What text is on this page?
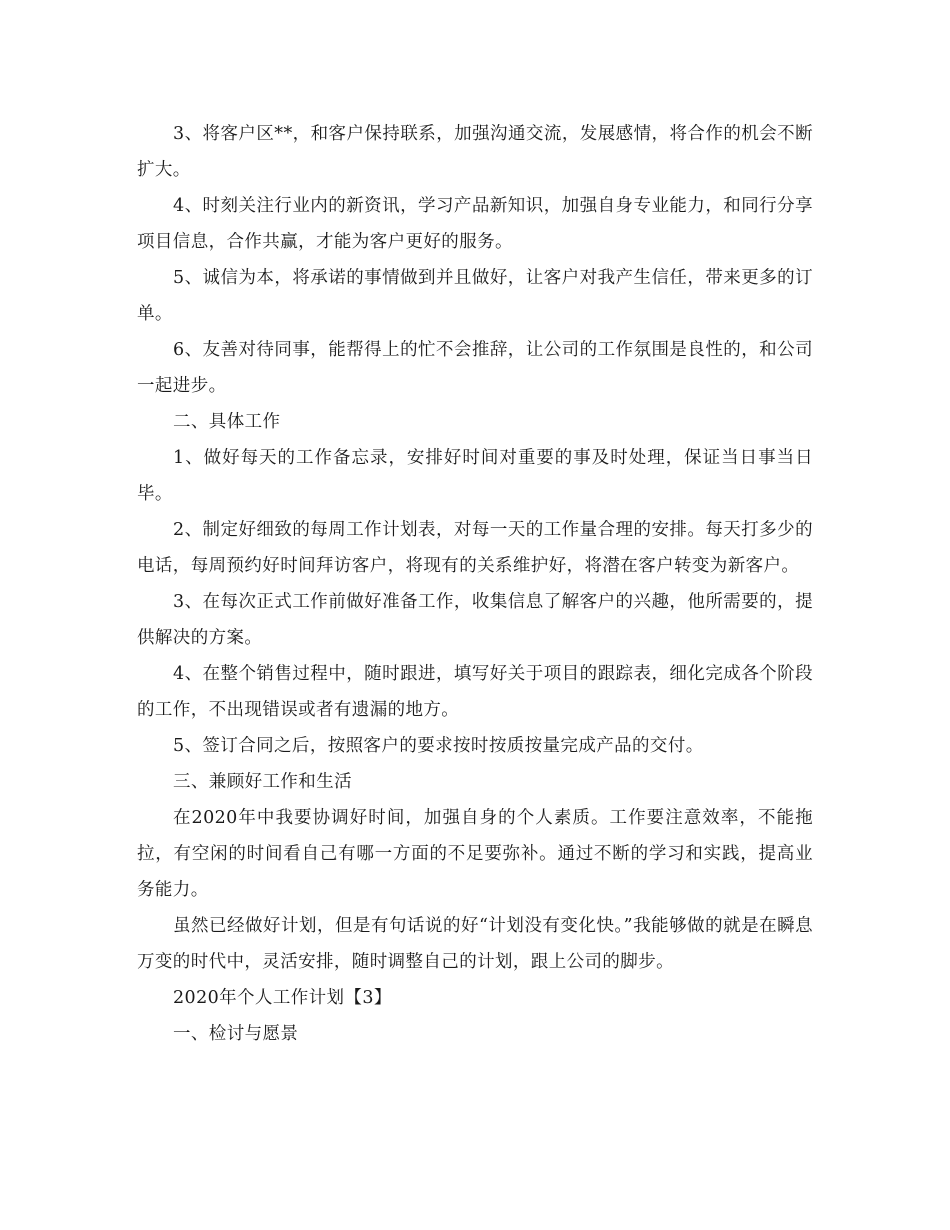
3、将客户区**，和客户保持联系，加强沟通交流，发展感情，将合作的机会不断扩大。

4、时刻关注行业内的新资讯，学习产品新知识，加强自身专业能力，和同行分享项目信息，合作共赢，才能为客户更好的服务。

5、诚信为本，将承诺的事情做到并且做好，让客户对我产生信任，带来更多的订单。

6、友善对待同事，能帮得上的忙不会推辞，让公司的工作氛围是良性的，和公司一起进步。

二、具体工作

1、做好每天的工作备忘录，安排好时间对重要的事及时处理，保证当日事当日毕。

2、制定好细致的每周工作计划表，对每一天的工作量合理的安排。每天打多少的电话，每周预约好时间拜访客户，将现有的关系维护好，将潜在客户转变为新客户。

3、在每次正式工作前做好准备工作，收集信息了解客户的兴趣，他所需要的，提供解决的方案。

4、在整个销售过程中，随时跟进，填写好关于项目的跟踪表，细化完成各个阶段的工作，不出现错误或者有遗漏的地方。

5、签订合同之后，按照客户的要求按时按质按量完成产品的交付。

三、兼顾好工作和生活

在2020年中我要协调好时间，加强自身的个人素质。工作要注意效率，不能拖拉，有空闲的时间看自己有哪一方面的不足要弥补。通过不断的学习和实践，提高业务能力。

虽然已经做好计划，但是有句话说的好“计划没有变化快。”我能够做的就是在瞬息万变的时代中，灵活安排，随时调整自己的计划，跟上公司的脚步。

2020年个人工作计划【3】

一、检讨与愿景
